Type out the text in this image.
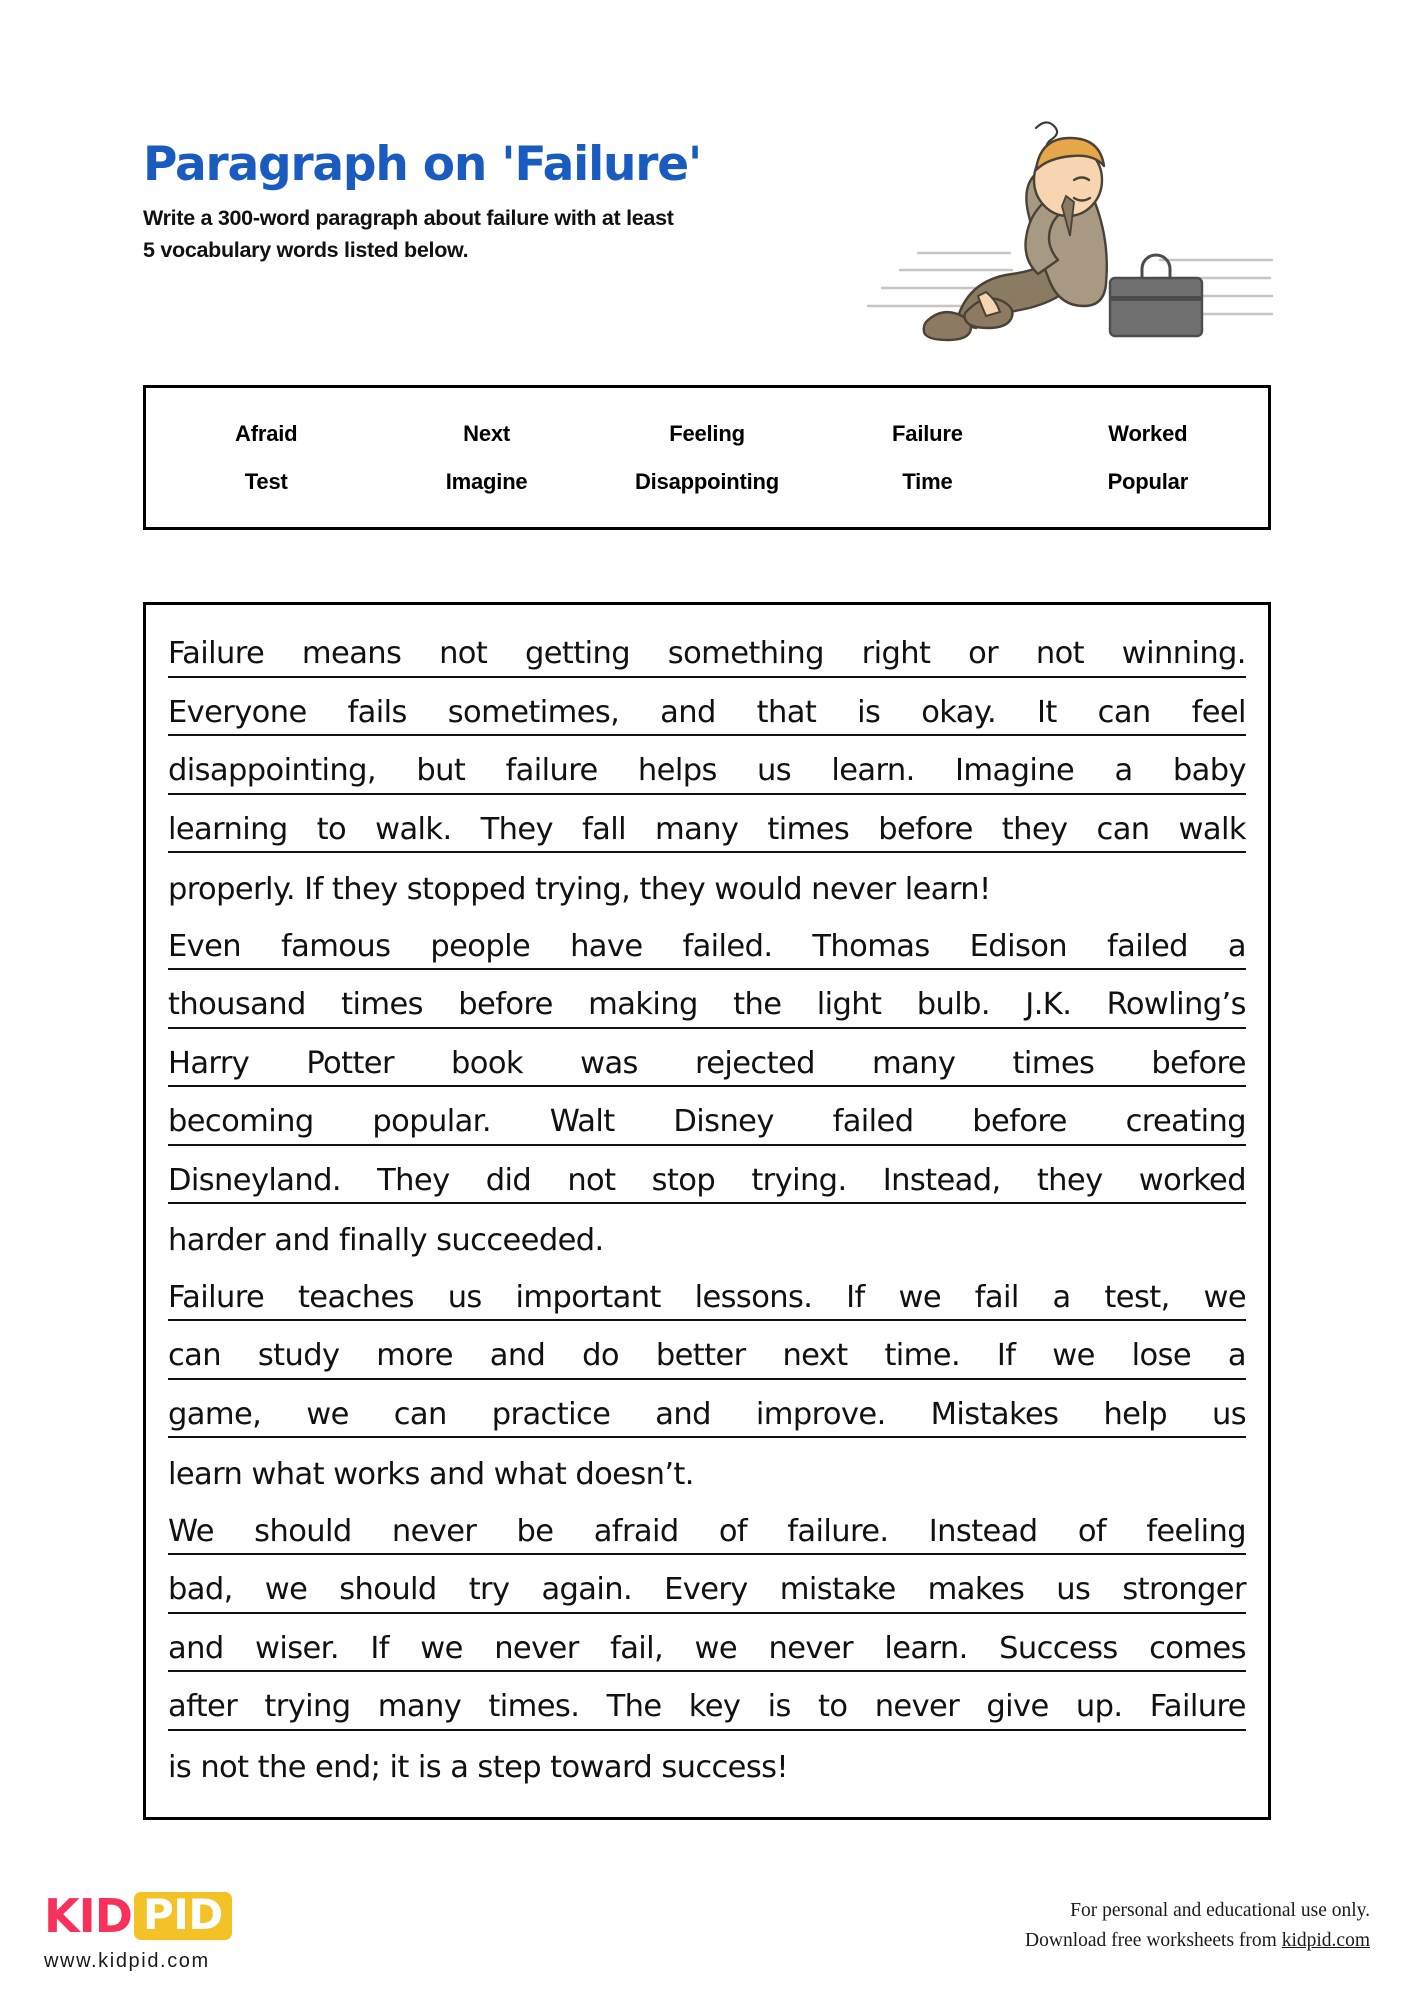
Paragraph on 'Failure'
Write a 300-word paragraph about failure with at least
5 vocabulary words listed below.
Afraid	Next	Feeling	Failure	Worked
Test	Imagine	Disappointing	Time	Popular
Failure means not getting something right or not winning.
Everyone fails sometimes, and that is okay. It can feel
disappointing, but failure helps us learn. Imagine a baby
learning to walk. They fall many times before they can walk
properly. If they stopped trying, they would never learn!
Even famous people have failed. Thomas Edison failed a
thousand times before making the light bulb. J.K. Rowling’s
Harry Potter book was rejected many times before
becoming popular. Walt Disney failed before creating
Disneyland. They did not stop trying. Instead, they worked
harder and finally succeeded.
Failure teaches us important lessons. If we fail a test, we
can study more and do better next time. If we lose a
game, we can practice and improve. Mistakes help us
learn what works and what doesn’t.
We should never be afraid of failure. Instead of feeling
bad, we should try again. Every mistake makes us stronger
and wiser. If we never fail, we never learn. Success comes
after trying many times. The key is to never give up. Failure
is not the end; it is a step toward success!
KID PID
www.kidpid.com
For personal and educational use only.
Download free worksheets from kidpid.com
